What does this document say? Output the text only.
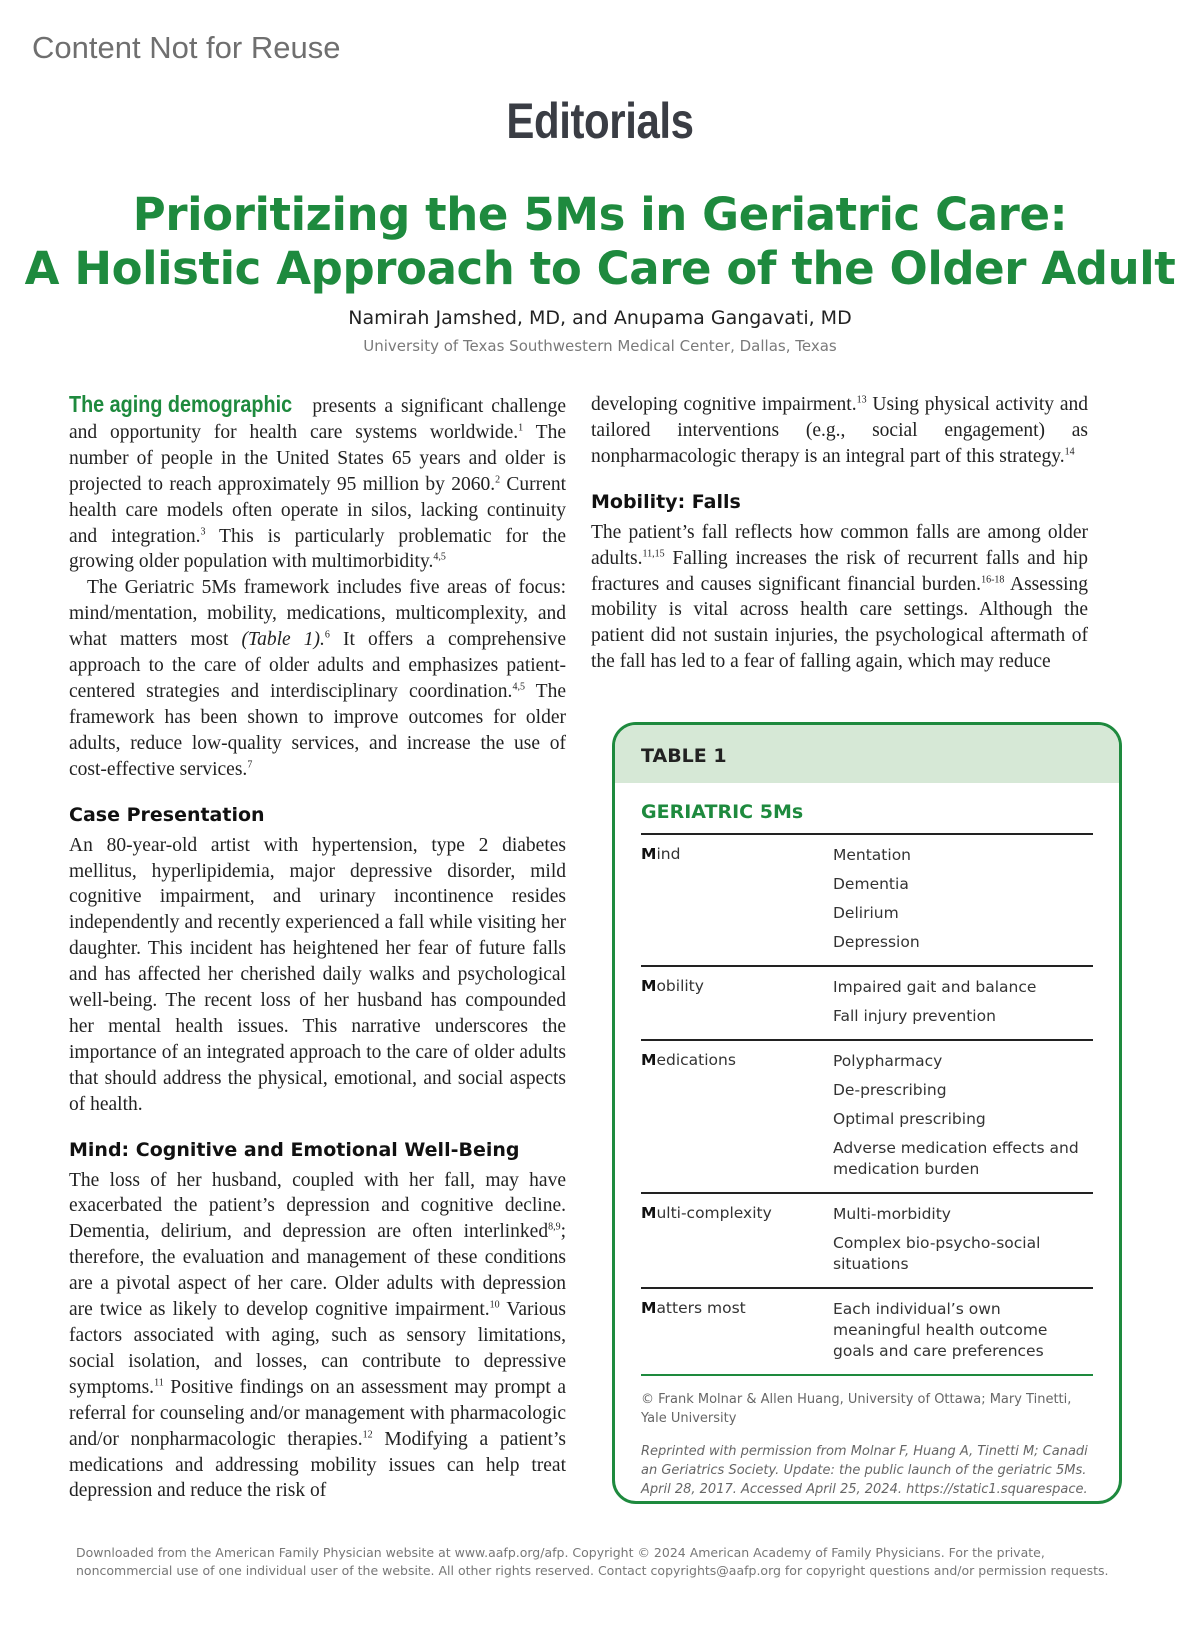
Content Not for Reuse
Editorials
Prioritizing the 5Ms in Geriatric Care:
A Holistic Approach to Care of the Older Adult
Namirah Jamshed, MD, and Anupama Gangavati, MD
University of Texas Southwestern Medical Center, Dallas, Texas

The aging demographic presents a significant challenge and opportunity for health care systems worldwide.$^1$ The number of people in the United States 65 years and older is projected to reach approximately 95 million by 2060.$^2$ Current health care models often operate in silos, lacking continuity and integration.$^3$ This is particularly problematic for the growing older population with multimorbidity.$^{4,5}$

The Geriatric 5Ms framework includes five areas of focus: mind/mentation, mobility, medications, multicomplexity, and what matters most (Table 1).$^6$ It offers a comprehensive approach to the care of older adults and emphasizes patient-centered strategies and interdisciplinary coordination.$^{4,5}$ The framework has been shown to improve outcomes for older adults, reduce low-quality services, and increase the use of cost-effective services.$^7$

Case Presentation

An 80-year-old artist with hypertension, type 2 diabetes mellitus, hyperlipidemia, major depressive disorder, mild cognitive impairment, and urinary incontinence resides independently and recently experienced a fall while visiting her daughter. This incident has heightened her fear of future falls and has affected her cherished daily walks and psychological well-being. The recent loss of her husband has compounded her mental health issues. This narrative underscores the importance of an integrated approach to the care of older adults that should address the physical, emotional, and social aspects of health.

Mind: Cognitive and Emotional Well-Being

The loss of her husband, coupled with her fall, may have exacerbated the patient’s depression and cognitive decline. Dementia, delirium, and depression are often interlinked$^{8,9}$; therefore, the evaluation and management of these conditions are a pivotal aspect of her care. Older adults with depression are twice as likely to develop cognitive impairment.$^{10}$ Various factors associated with aging, such as sensory limitations, social isolation, and losses, can contribute to depressive symptoms.$^{11}$ Positive findings on an assessment may prompt a referral for counseling and/or management with pharmacologic and/or nonpharmacologic therapies.$^{12}$ Modifying a patient’s medications and addressing mobility issues can help treat depression and reduce the risk of

developing cognitive impairment.$^{13}$ Using physical activity and tailored interventions (e.g., social engagement) as nonpharmacologic therapy is an integral part of this strategy.$^{14}$

Mobility: Falls

The patient’s fall reflects how common falls are among older adults.$^{11,15}$ Falling increases the risk of recurrent falls and hip fractures and causes significant financial burden.$^{16-18}$ Assessing mobility is vital across health care settings. Although the patient did not sustain injuries, the psychological aftermath of the fall has led to a fear of falling again, which may reduce

TABLE 1
GERIATRIC 5Ms
Mind	Mentation
Dementia
Delirium
Depression
Mobility	Impaired gait and balance
Fall injury prevention
Medications	Polypharmacy
De-prescribing
Optimal prescribing
Adverse medication effects and medication burden
Multi-complexity	Multi-morbidity
Complex bio-psycho-social situations
Matters most	Each individual’s own meaningful health outcome goals and care preferences
© Frank Molnar & Allen Huang, University of Ottawa; Mary Tinetti, Yale University
Reprinted with permission from Molnar F, Huang A, Tinetti M; Canadian Geriatrics Society. Update: the public launch of the geriatric 5Ms. April 28, 2017. Accessed April 25, 2024. https://static1.squarespace.
Downloaded from the American Family Physician website at www.aafp.org/afp. Copyright © 2024 American Academy of Family Physicians. For the private, noncommercial use of one individual user of the website. All other rights reserved. Contact copyrights@aafp.org for copyright questions and/or permission requests.
